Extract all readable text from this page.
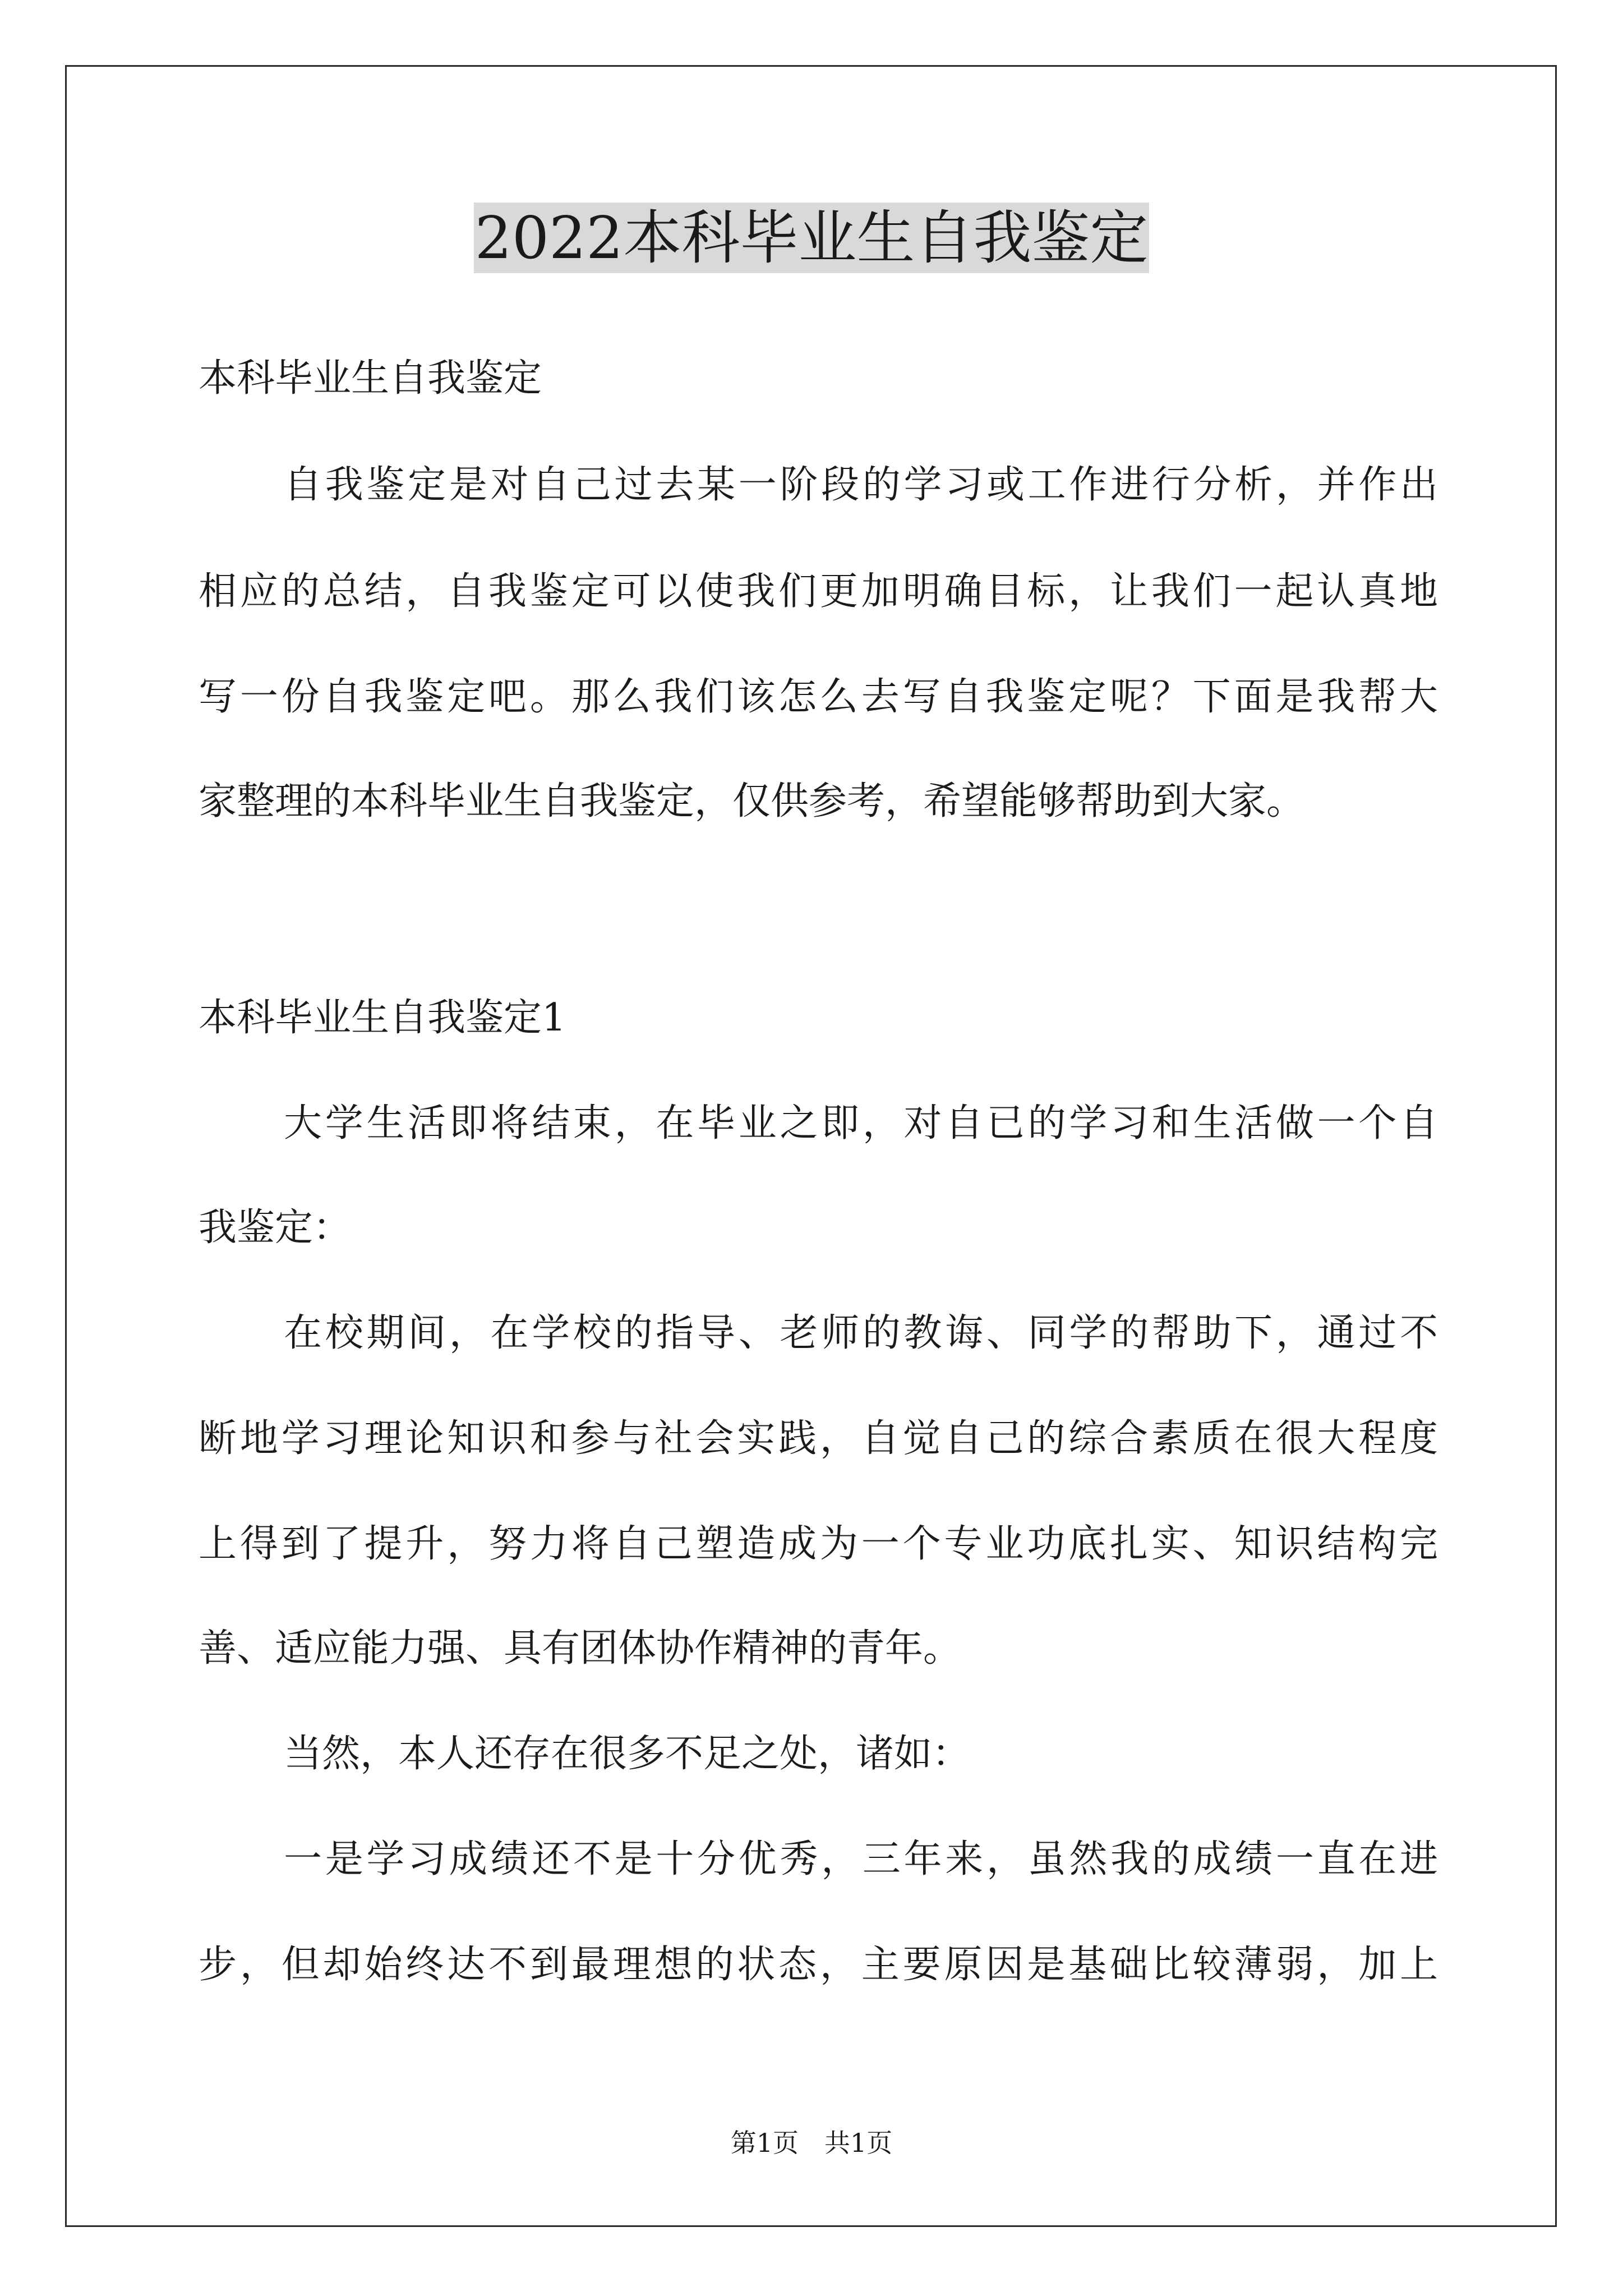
2022本科毕业生自我鉴定
本科毕业生自我鉴定
自我鉴定是对自己过去某一阶段的学习或工作进行分析，并作出
相应的总结，自我鉴定可以使我们更加明确目标，让我们一起认真地
写一份自我鉴定吧。那么我们该怎么去写自我鉴定呢？下面是我帮大
家整理的本科毕业生自我鉴定，仅供参考，希望能够帮助到大家。
本科毕业生自我鉴定1
大学生活即将结束，在毕业之即，对自已的学习和生活做一个自
我鉴定：
在校期间，在学校的指导、老师的教诲、同学的帮助下，通过不
断地学习理论知识和参与社会实践，自觉自己的综合素质在很大程度
上得到了提升，努力将自己塑造成为一个专业功底扎实、知识结构完
善、适应能力强、具有团体协作精神的青年。
当然，本人还存在很多不足之处，诸如：
一是学习成绩还不是十分优秀，三年来，虽然我的成绩一直在进
步，但却始终达不到最理想的状态，主要原因是基础比较薄弱，加上
第1页　共1页
